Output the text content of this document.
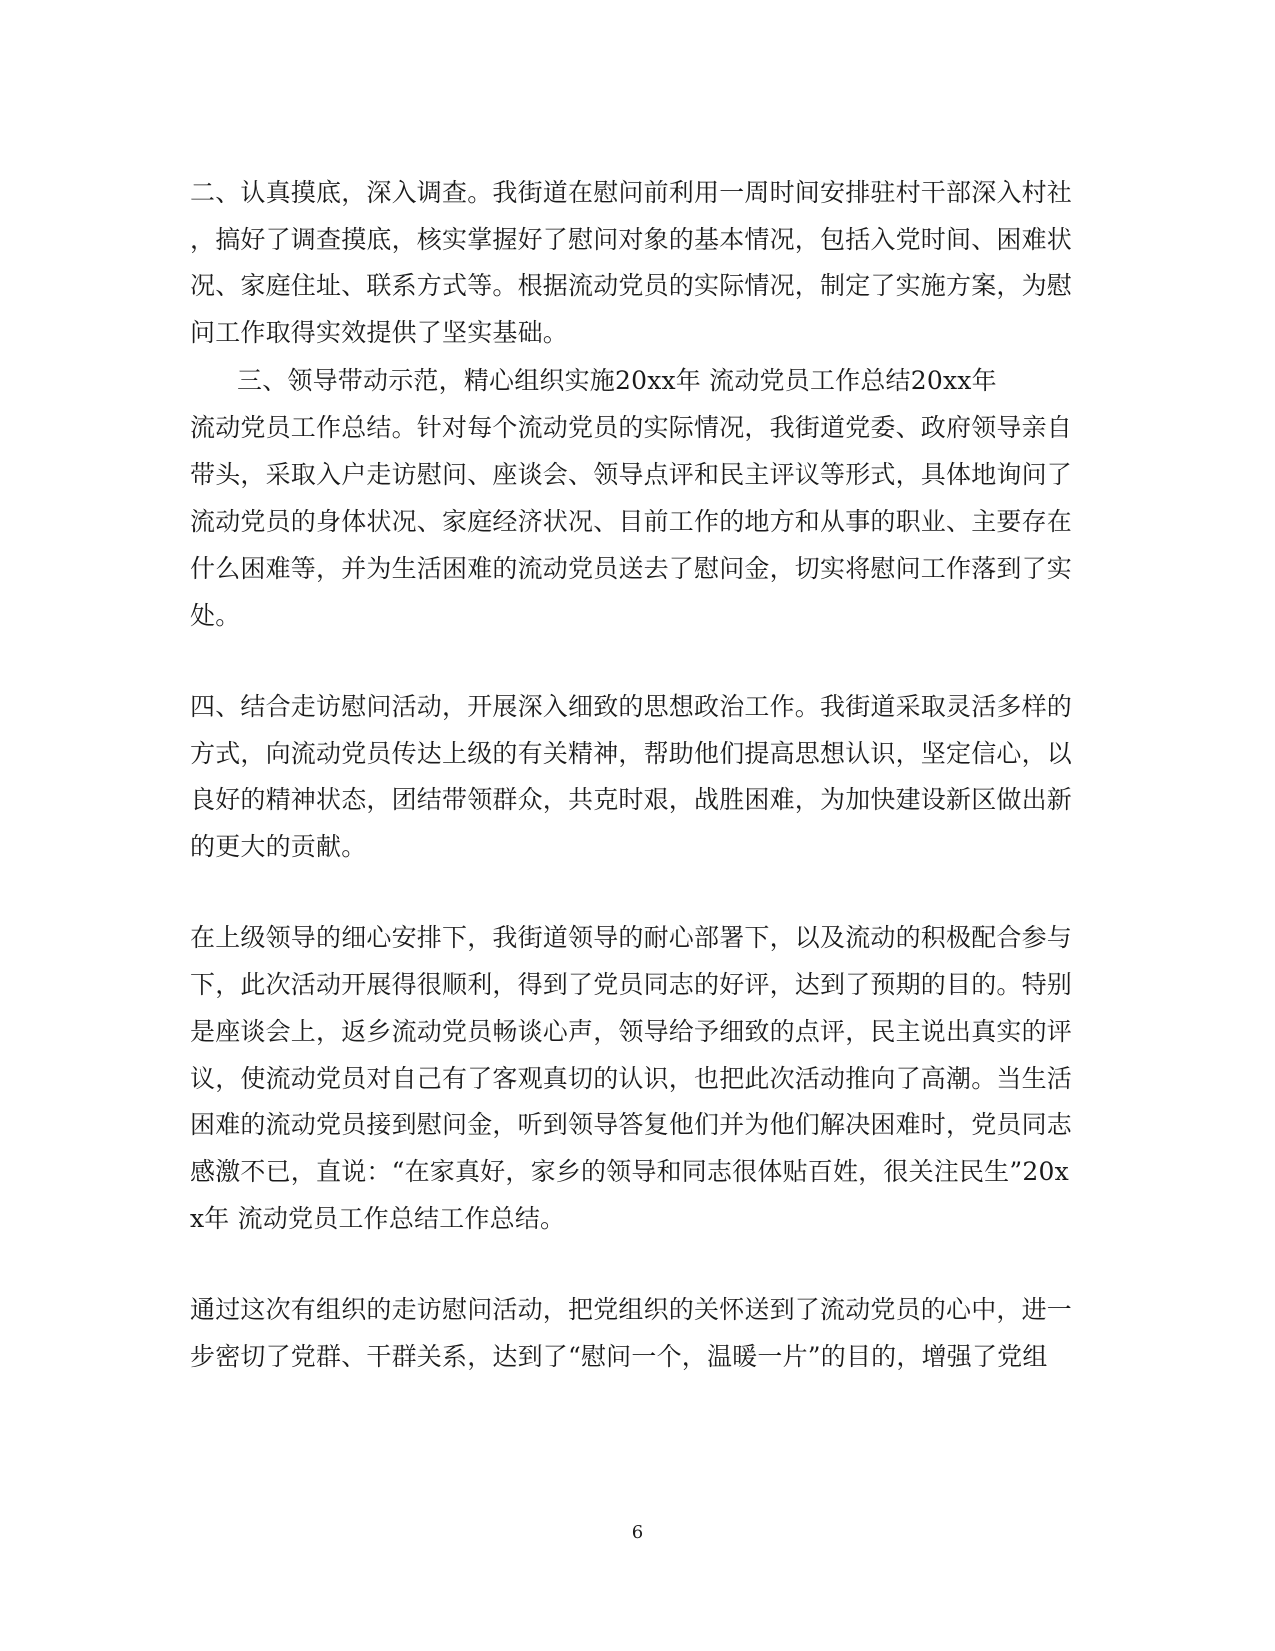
二、认真摸底，深入调查。我街道在慰问前利用一周时间安排驻村干部深入村社
，搞好了调查摸底，核实掌握好了慰问对象的基本情况，包括入党时间、困难状
况、家庭住址、联系方式等。根据流动党员的实际情况，制定了实施方案，为慰
问工作取得实效提供了坚实基础。
三、领导带动示范，精心组织实施20xx年 流动党员工作总结20xx年
流动党员工作总结。针对每个流动党员的实际情况，我街道党委、政府领导亲自
带头，采取入户走访慰问、座谈会、领导点评和民主评议等形式，具体地询问了
流动党员的身体状况、家庭经济状况、目前工作的地方和从事的职业、主要存在
什么困难等，并为生活困难的流动党员送去了慰问金，切实将慰问工作落到了实
处。
四、结合走访慰问活动，开展深入细致的思想政治工作。我街道采取灵活多样的
方式，向流动党员传达上级的有关精神，帮助他们提高思想认识，坚定信心，以
良好的精神状态，团结带领群众，共克时艰，战胜困难，为加快建设新区做出新
的更大的贡献。
在上级领导的细心安排下，我街道领导的耐心部署下，以及流动的积极配合参与
下，此次活动开展得很顺利，得到了党员同志的好评，达到了预期的目的。特别
是座谈会上，返乡流动党员畅谈心声，领导给予细致的点评，民主说出真实的评
议，使流动党员对自己有了客观真切的认识，也把此次活动推向了高潮。当生活
困难的流动党员接到慰问金，听到领导答复他们并为他们解决困难时，党员同志
感激不已，直说：“在家真好，家乡的领导和同志很体贴百姓，很关注民生”20x
x年 流动党员工作总结工作总结。
通过这次有组织的走访慰问活动，把党组织的关怀送到了流动党员的心中，进一
步密切了党群、干群关系，达到了“慰问一个，温暖一片”的目的，增强了党组
6
